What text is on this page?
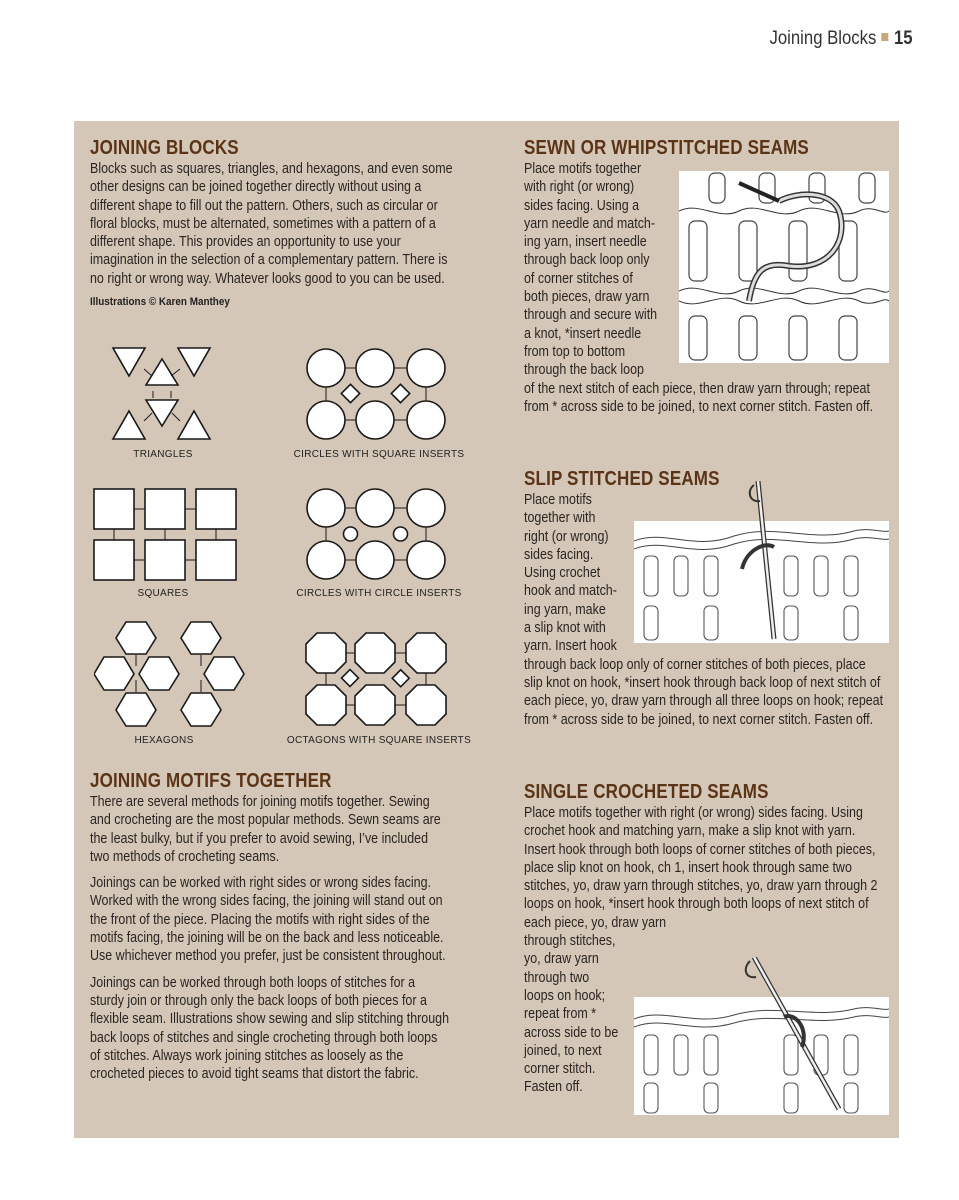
Joining Blocks 15
JOINING BLOCKS

Blocks such as squares, triangles, and hexagons, and even some other designs can be joined together directly without using a different shape to fill out the pattern. Others, such as circular or floral blocks, must be alternated, sometimes with a pattern of a different shape. This provides an opportunity to use your imagination in the selection of a complementary pattern. There is no right or wrong way. Whatever looks good to you can be used.

Illustrations © Karen Manthey
TRIANGLES	CIRCLES WITH SQUARE INSERTS
SQUARES	CIRCLES WITH CIRCLE INSERTS
HEXAGONS	OCTAGONS WITH SQUARE INSERTS
JOINING MOTIFS TOGETHER

There are several methods for joining motifs together. Sewing and crocheting are the most popular methods. Sewn seams are the least bulky, but if you prefer to avoid sewing, I’ve included two methods of crocheting seams.

Joinings can be worked with right sides or wrong sides facing. Worked with the wrong sides facing, the joining will stand out on the front of the piece. Placing the motifs with right sides of the motifs facing, the joining will be on the back and less noticeable. Use whichever method you prefer, just be consistent throughout.

Joinings can be worked through both loops of stitches for a sturdy join or through only the back loops of both pieces for a flexible seam. Illustrations show sewing and slip stitching through back loops of stitches and single crocheting through both loops of stitches. Always work joining stitches as loosely as the crocheted pieces to avoid tight seams that distort the fabric.

SEWN OR WHIPSTITCHED SEAMS

Place motifs together

with right (or wrong)

sides facing. Using a

yarn needle and match-

ing yarn, insert needle

through back loop only

of corner stitches of

both pieces, draw yarn

through and secure with

a knot, *insert needle

from top to bottom

through the back loop

of the next stitch of each piece, then draw yarn through; repeat from * across side to be joined, to next corner stitch. Fasten off.

SLIP STITCHED SEAMS

Place motifs

together with

right (or wrong)

sides facing.

Using crochet

hook and match-

ing yarn, make

a slip knot with

yarn. Insert hook

through back loop only of corner stitches of both pieces, place slip knot on hook, *insert hook through back loop of next stitch of each piece, yo, draw yarn through all three loops on hook; repeat from * across side to be joined, to next corner stitch. Fasten off.

SINGLE CROCHETED SEAMS

Place motifs together with right (or wrong) sides facing. Using crochet hook and matching yarn, make a slip knot with yarn. Insert hook through both loops of corner stitches of both pieces, place slip knot on hook, ch 1, insert hook through same two stitches, yo, draw yarn through stitches, yo, draw yarn through 2 loops on hook, *insert hook through both loops of next stitch of each piece, yo, draw yarn

through stitches,

yo, draw yarn

through two

loops on hook;

repeat from *

across side to be

joined, to next

corner stitch.

Fasten off.
